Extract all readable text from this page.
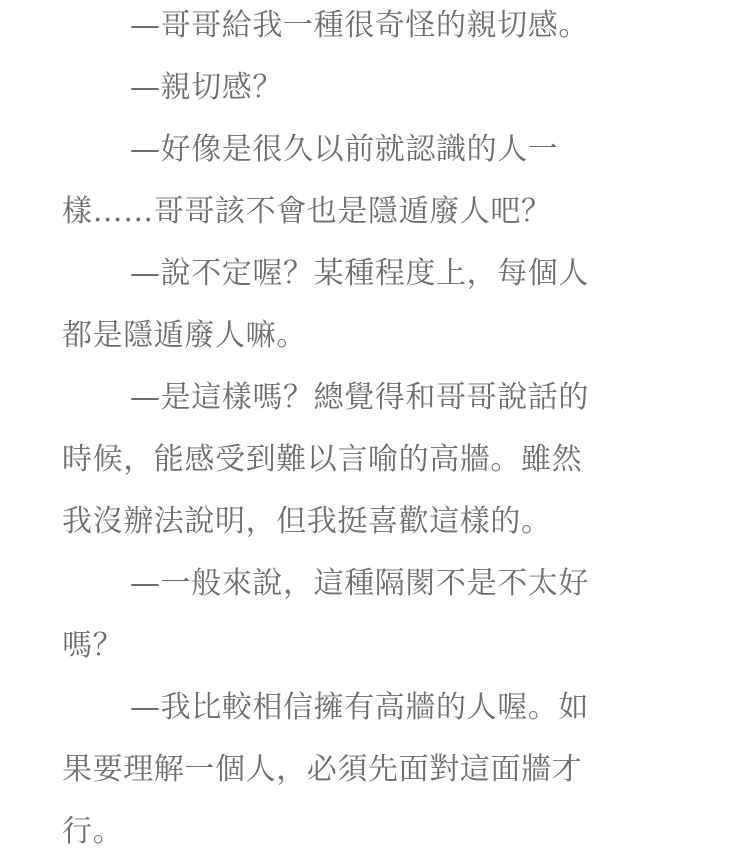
—哥哥給我一種很奇怪的親切感。

—親切感？

—好像是很久以前就認識的人一
樣……哥哥該不會也是隱遁廢人吧？

—說不定喔？某種程度上，每個人
都是隱遁廢人嘛。

—是這樣嗎？總覺得和哥哥說話的
時候，能感受到難以言喻的高牆。雖然
我沒辦法說明，但我挺喜歡這樣的。

—一般來說，這種隔閡不是不太好
嗎？

—我比較相信擁有高牆的人喔。如
果要理解一個人，必須先面對這面牆才
行。
